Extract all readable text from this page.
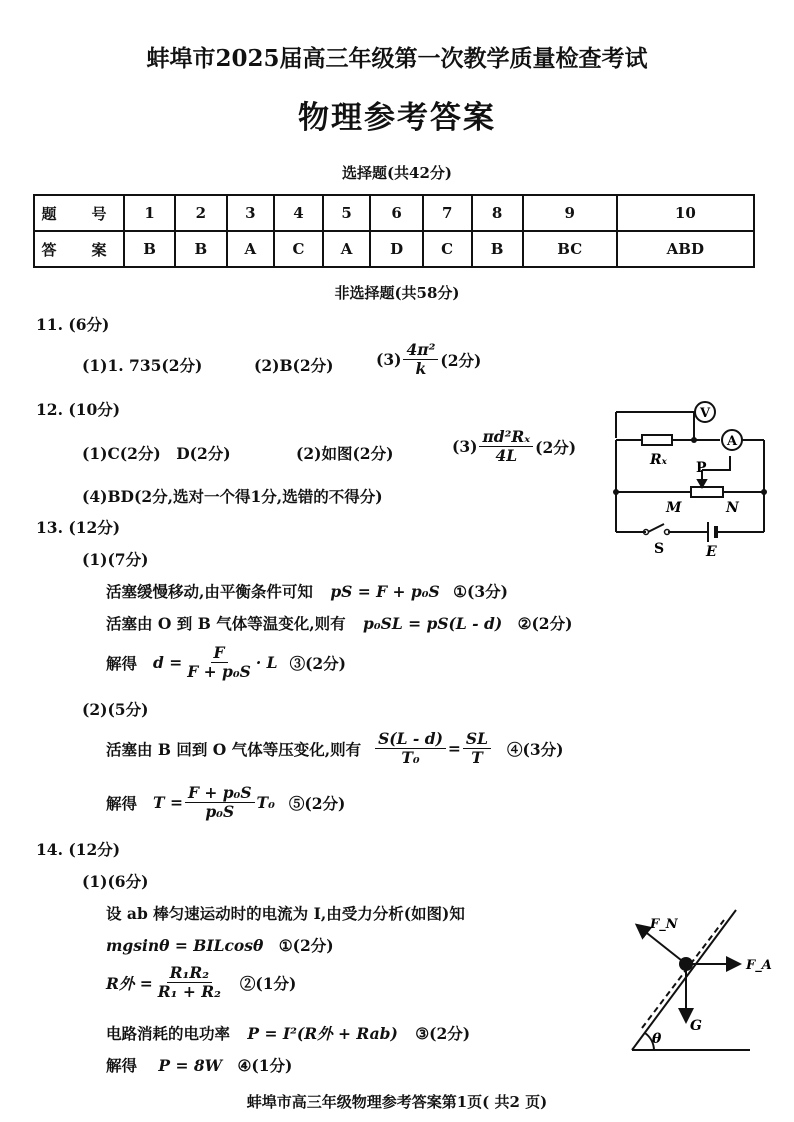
蚌埠市2025届高三年级第一次教学质量检查考试
物理参考答案
选择题(共42分)
题　号	1	2	3	4	5	6	7	8	9	10
答　案	B	B	A	C	A	D	C	B	BC	ABD
非选择题(共58分)
11. (6分)
(1)1. 735(2分)	(2)B(2分)	$(3) \frac{\text{4π²}}{k} (2$分)
12. (10分)
(1)C(2分)　D(2分)	(2)如图(2分)	$(3) \frac{\text{πd²Rₓ}}{4L} (2$分)
(4)BD(2分,选对一个得1分,选错的不得分)
V
A
Rₓ P
M	N
S	E
13. (12分)
(1)(7分)
活塞缓慢移动,由平衡条件可知 pS = F + p₀S ①(3分)
活塞由 O 到 B 气体等温变化,则有 p₀SL = pS(L - d) ②(2分)
解得 $d = \frac{F}{\text{F + p₀S}} \cdot L$ ③(2分)
(2)(5分)
活塞由 B 回到 O 气体等压变化,则有 $\frac{S(L - d)}{\text{T₀}} = \frac{SL}{T}$ ④(3分)
解得 $T = \frac{\text{F + p₀S}}{\text{p₀S}} T_0$ ⑤(2分)
14. (12分)
(1)(6分)
设 ab 棒匀速运动时的电流为 I,由受力分析(如图)知
mgsinθ = BILcosθ ①(2分)
R外 = $\frac{\text{R₁R₂}}{\text{R₁ + R₂}}$ ②(1分)
电路消耗的电功率 P = I²(R外 + Rab) ③(2分)
解得 P = 8W ④(1分)
F_N
F_A
G
θ
蚌埠市高三年级物理参考答案第1页( 共2 页)
